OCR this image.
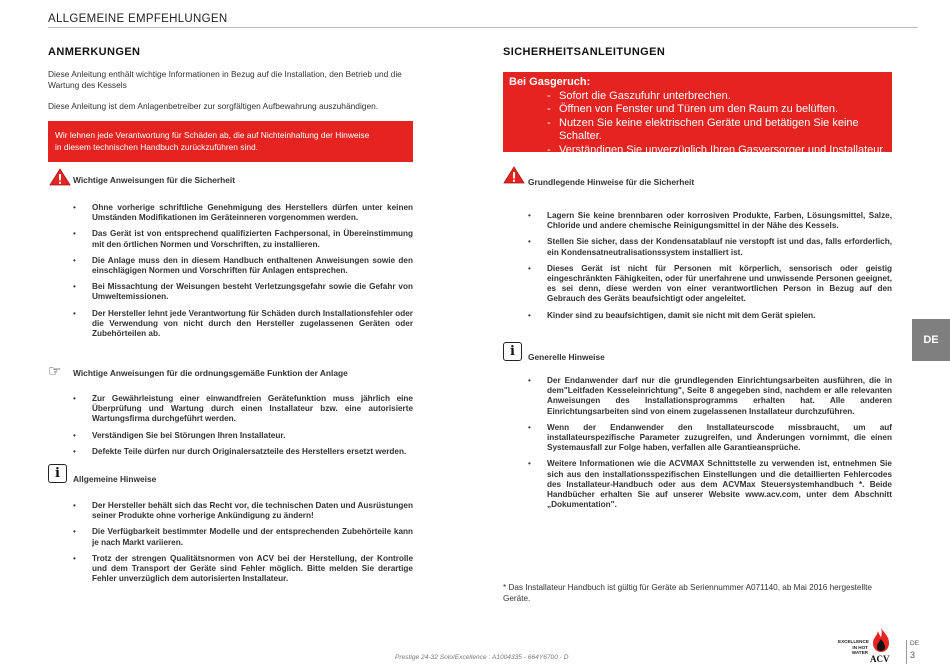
ALLGEMEINE EMPFEHLUNGEN
ANMERKUNGEN
Diese Anleitung enthält wichtige Informationen in Bezug auf die Installation, den Betrieb und die Wartung des Kessels
Diese Anleitung ist dem Anlagenbetreiber zur sorgfältigen Aufbewahrung auszuhändigen.
Wir lehnen jede Verantwortung für Schäden ab, die auf Nichteinhaltung der Hinweise
in diesem technischen Handbuch zurückzuführen sind.
Wichtige Anweisungen für die Sicherheit
• Ohne vorherige schriftliche Genehmigung des Herstellers dürfen unter keinen Umständen Modifikationen im Geräteinneren vorgenommen werden.
• Das Gerät ist von entsprechend qualifizierten Fachpersonal, in Übereinstimmung mit den örtlichen Normen und Vorschriften, zu installieren.
• Die Anlage muss den in diesem Handbuch enthaltenen Anweisungen sowie den einschlägigen Normen und Vorschriften für Anlagen entsprechen.
• Bei Missachtung der Weisungen besteht Verletzungsgefahr sowie die Gefahr von Umweltemissionen.
• Der Hersteller lehnt jede Verantwortung für Schäden durch Installationsfehler oder die Verwendung von nicht durch den Hersteller zugelassenen Geräten oder Zubehörteilen ab.
☞ Wichtige Anweisungen für die ordnungsgemäße Funktion der Anlage
• Zur Gewährleistung einer einwandfreien Gerätefunktion muss jährlich eine Überprüfung und Wartung durch einen Installateur bzw. eine autorisierte Wartungsfirma durchgeführt werden.
• Verständigen Sie bei Störungen Ihren Installateur.
• Defekte Teile dürfen nur durch Originalersatzteile des Herstellers ersetzt werden.
i	Allgemeine Hinweise
• Der Hersteller behält sich das Recht vor, die technischen Daten und Ausrüstungen seiner Produkte ohne vorherige Ankündigung zu ändern!
• Die Verfügbarkeit bestimmter Modelle und der entsprechenden Zubehörteile kann je nach Markt variieren.
• Trotz der strengen Qualitätsnormen von ACV bei der Herstellung, der Kontrolle und dem Transport der Geräte sind Fehler möglich. Bitte melden Sie derartige Fehler unverzüglich dem autorisierten Installateur.
SICHERHEITSANLEITUNGEN
Bei Gasgeruch:
- Sofort die Gaszufuhr unterbrechen.
- Öffnen von Fenster und Türen um den Raum zu belüften.
- Nutzen Sie keine elektrischen Geräte und betätigen Sie keine Schalter.
- Verständigen Sie unverzüglich Ihren Gasversorger und Installateur.
Grundlegende Hinweise für die Sicherheit
• Lagern Sie keine brennbaren oder korrosiven Produkte, Farben, Lösungsmittel, Salze, Chloride und andere chemische Reinigungsmittel in der Nähe des Kessels.
• Stellen Sie sicher, dass der Kondensatablauf nie verstopft ist und das, falls erforderlich, ein Kondensatneutralisationssystem installiert ist.
• Dieses Gerät ist nicht für Personen mit körperlich, sensorisch oder geistig eingeschränkten Fähigkeiten, oder für unerfahrene und unwissende Personen geeignet, es sei denn, diese werden von einer verantwortlichen Person in Bezug auf den Gebrauch des Geräts beaufsichtigt oder angeleitet.
• Kinder sind zu beaufsichtigen, damit sie nicht mit dem Gerät spielen.
i	Generelle Hinweise
• Der Endanwender darf nur die grundlegenden Einrichtungsarbeiten ausführen, die in dem"Leitfaden Kesseleinrichtung", Seite 8 angegeben sind, nachdem er alle relevanten Anweisungen des Installationsprogramms erhalten hat. Alle anderen Einrichtungsarbeiten sind von einem zugelassenen Installateur durchzuführen.
• Wenn der Endanwender den Installateurscode missbraucht, um auf installateurspezifische Parameter zuzugreifen, und Änderungen vornimmt, die einen Systemausfall zur Folge haben, verfallen alle Garantieansprüche.
• Weitere Informationen wie die ACVMAX Schnittstelle zu verwenden ist, entnehmen Sie sich aus den installationsspezifischen Einstellungen und die detaillierten Fehlercodes des Installateur-Handbuch oder aus dem ACVMax Steuersystemhandbuch *. Beide Handbücher erhalten Sie auf unserer Website www.acv.com, unter dem Abschnitt „Dokumentation".
* Das Installateur Handbuch ist gültig für Geräte ab Seriennummer A071140, ab Mai 2016 hergestellte Geräte.
DE
Prestige 24-32 Solo/Excellence : A1004335 - 664Y6700 - D
EXCELLENCE IN HOT WATER
ACV
DE
3
